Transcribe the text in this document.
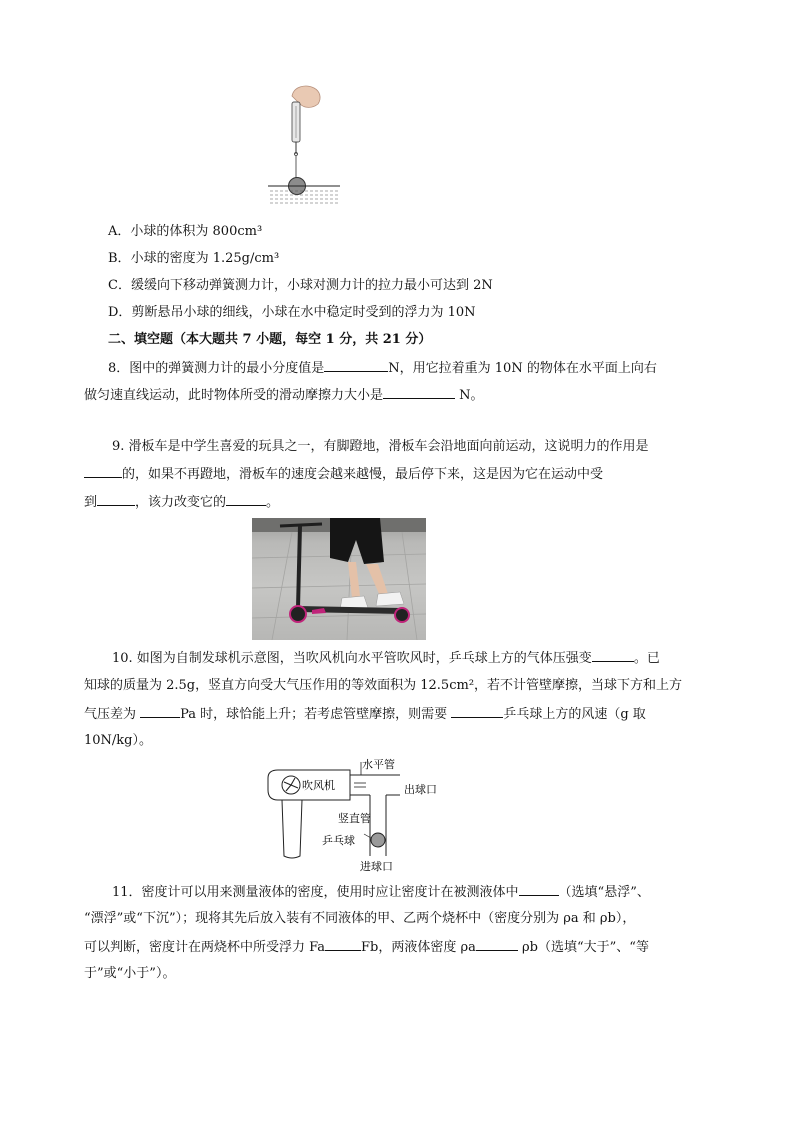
A．小球的体积为 800cm³
B．小球的密度为 1.25g/cm³
C．缓缓向下移动弹簧测力计，小球对测力计的拉力最小可达到 2N
D．剪断悬吊小球的细线，小球在水中稳定时受到的浮力为 10N
二、填空题（本大题共 7 小题，每空 1 分，共 21 分）
8．图中的弹簧测力计的最小分度值是	N，用它拉着重为 10N 的物体在水平面上向右
做匀速直线运动，此时物体所受的滑动摩擦力大小是	N。
9. 滑板车是中学生喜爱的玩具之一，有脚蹬地，滑板车会沿地面向前运动，这说明力的作用是
的，如果不再蹬地，滑板车的速度会越来越慢，最后停下来，这是因为它在运动中受
到	，该力改变它的	。
10. 如图为自制发球机示意图，当吹风机向水平管吹风时，乒乓球上方的气体压强变	。已
知球的质量为 2.5g，竖直方向受大气压作用的等效面积为 12.5cm²，若不计管壁摩擦，当球下方和上方
气压差为	Pa 时，球恰能上升；若考虑管壁摩擦，则需要	乒乓球上方的风速（g 取
10N/kg）。
水平管
吹风机	出球口
竖直管
乒乓球
进球口
11．密度计可以用来测量液体的密度，使用时应让密度计在被测液体中	（选填“悬浮”、
“漂浮”或“下沉”）；现将其先后放入装有不同液体的甲、乙两个烧杯中（密度分别为 ρa 和 ρb），
可以判断，密度计在两烧杯中所受浮力 Fa	Fb，两液体密度 ρa	ρb（选填“大于”、“等
于”或“小于”）。
